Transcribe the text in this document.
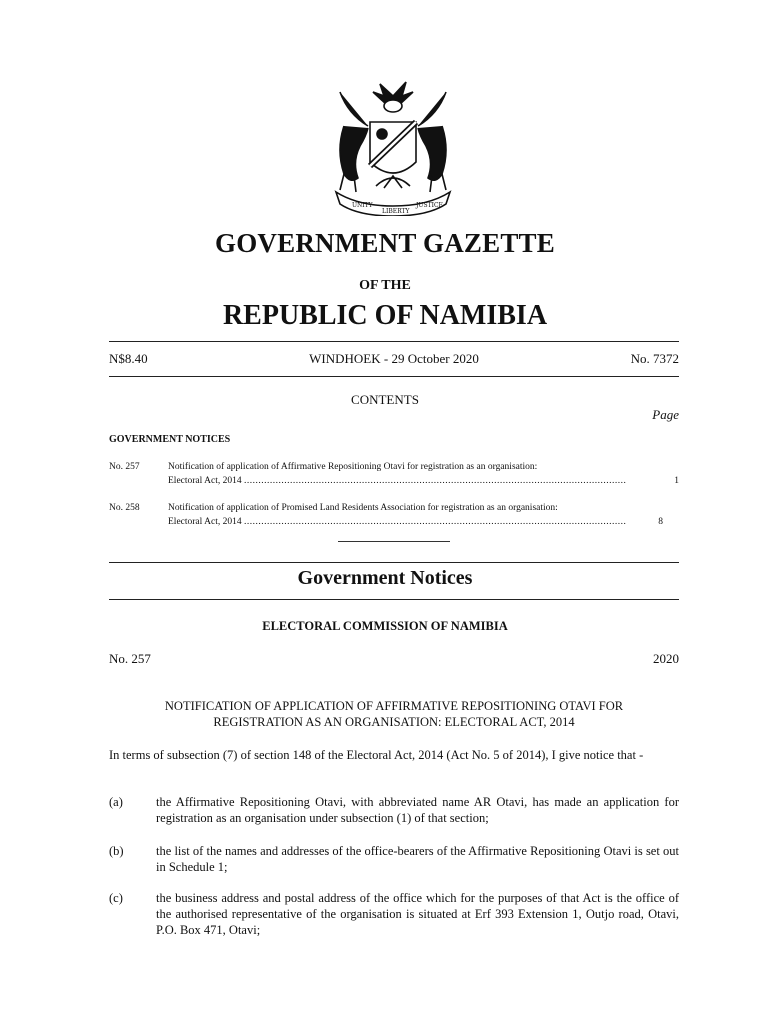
UNITY
LIBERTY
JUSTICE
GOVERNMENT GAZETTE
OF THE
REPUBLIC OF NAMIBIA
N$8.40	WINDHOEK - 29 October 2020	No. 7372
CONTENTS
Page
GOVERNMENT NOTICES
No. 257	Notification of application of Affirmative Repositioning Otavi for registration as an organisation:
Electoral Act, 2014 .....................................................................................................................................	1
No. 258	Notification of application of Promised Land Residents Association for registration as an organisation:
Electoral Act, 2014 .....................................................................................................................................	8
Government Notices
ELECTORAL COMMISSION OF NAMIBIA
No. 257	2020
NOTIFICATION OF APPLICATION OF AFFIRMATIVE REPOSITIONING OTAVI FOR
REGISTRATION AS AN ORGANISATION: ELECTORAL ACT, 2014
In terms of subsection (7) of section 148 of the Electoral Act, 2014 (Act No. 5 of 2014), I give notice that -
(a)	the Affirmative Repositioning Otavi, with abbreviated name AR Otavi, has made an application for registration as an organisation under subsection (1) of that section;
(b)	the list of the names and addresses of the office-bearers of the Affirmative Repositioning Otavi is set out in Schedule 1;
(c)	the business address and postal address of the office which for the purposes of that Act is the office of the authorised representative of the organisation is situated at Erf 393 Extension 1, Outjo road, Otavi, P.O. Box 471, Otavi;
